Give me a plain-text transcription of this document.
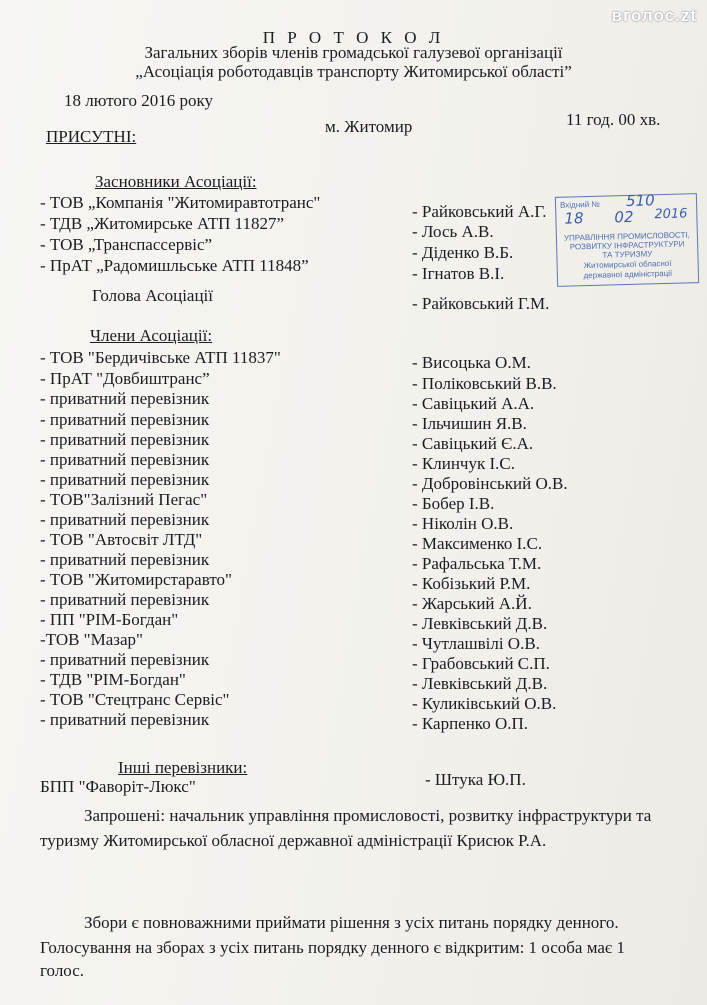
вголос.zt
П Р О Т О К О Л
Загальних зборів членів громадської галузевої організації
„Асоціація роботодавців транспорту Житомирської області”
18 лютого 2016 року
м. Житомир	11 год. 00 хв.
ПРИСУТНІ:
Засновники Асоціації:
- ТОВ „Компанія "Житомиравтотранс"	- Райковський А.Г.
- ТДВ „Житомирське АТП 11827”	- Лось А.В.
- ТОВ „Транспассервіс”	- Діденко В.Б.
- ПрАТ „Радомишльське АТП 11848”	- Ігнатов В.І.
Вхідний № 510
18 02 2016
УПРАВЛІННЯ ПРОМИСЛОВОСТІ,
РОЗВИТКУ ІНФРАСТРУКТУРИ
ТА ТУРИЗМУ
Житомирської обласної
державної адміністрації
Голова Асоціації	- Райковський Г.М.
Члени Асоціації:
- ТОВ "Бердичівське АТП 11837"	- Висоцька О.М.
- ПрАТ "Довбиштранс”	- Поліковський В.В.
- приватний перевізник	- Савіцький А.А.
- приватний перевізник	- Ільчишин Я.В.
- приватний перевізник	- Савіцький Є.А.
- приватний перевізник	- Клинчук І.С.
- приватний перевізник	- Добровінський О.В.
- ТОВ"Залізний Пегас"	- Бобер І.В.
- приватний перевізник	- Ніколін О.В.
- ТОВ "Автосвіт ЛТД"	- Максименко І.С.
- приватний перевізник	- Рафальська Т.М.
- ТОВ "Житомирстаравто"	- Кобізький Р.М.
- приватний перевізник	- Жарський А.Й.
- ПП "РІМ-Богдан"	- Левківський Д.В.
-ТОВ "Мазар"	- Чутлашвілі О.В.
- приватний перевізник	- Грабовський С.П.
- ТДВ "РІМ-Богдан"	- Левківський Д.В.
- ТОВ "Стецтранс Сервіс"	- Куликівський О.В.
- приватний перевізник	- Карпенко О.П.
Інші перевізники:
БПП "Фаворіт-Люкс"	- Штука Ю.П.
Запрошені: начальник управління промисловості, розвитку інфраструктури та
туризму Житомирської обласної державної адміністрації Крисюк Р.А.
Збори є повноважними приймати рішення з усіх питань порядку денного.
Голосування на зборах з усіх питань порядку денного є відкритим: 1 особа має 1
голос.
